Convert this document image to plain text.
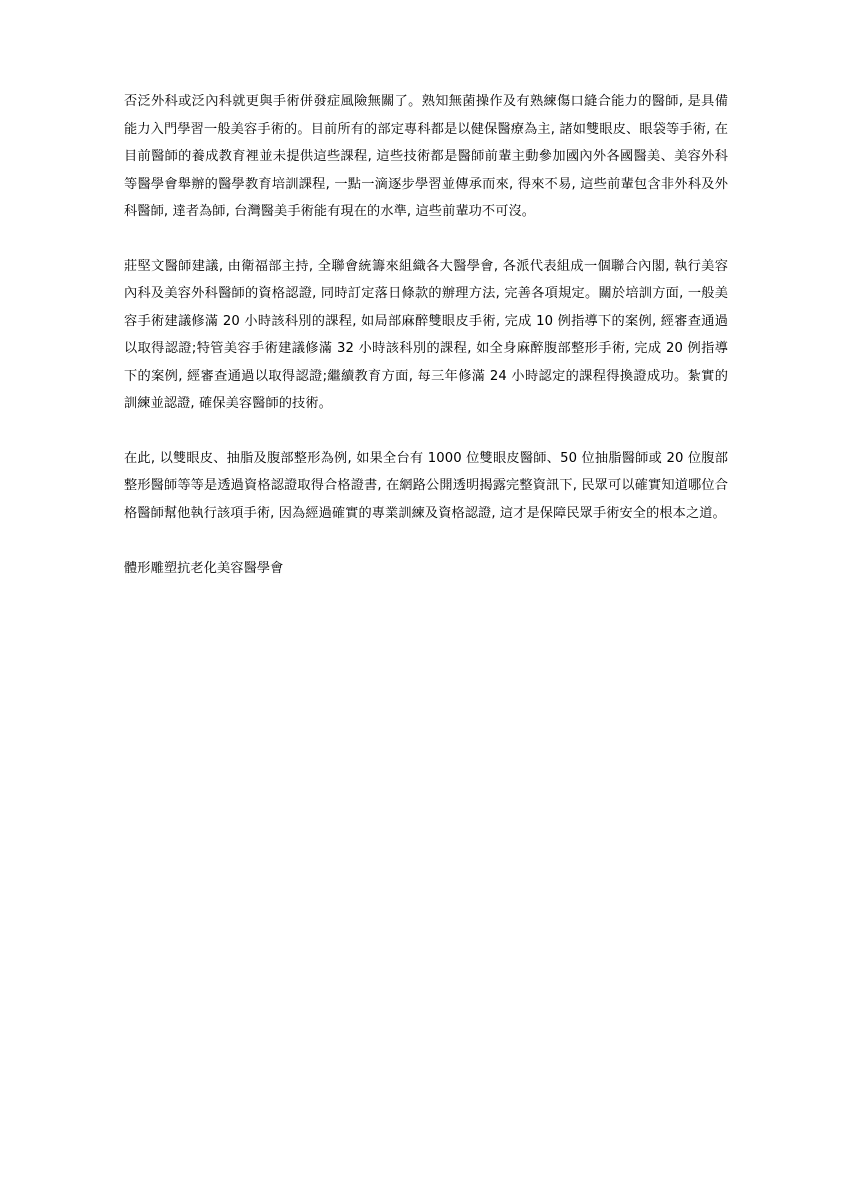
否泛外科或泛內科就更與手術併發症風險無關了。熟知無菌操作及有熟練傷口縫合能力的醫師, 是具備能力入門學習一般美容手術的。目前所有的部定專科都是以健保醫療為主, 諸如雙眼皮、眼袋等手術, 在目前醫師的養成教育裡並未提供這些課程, 這些技術都是醫師前輩主動參加國內外各國醫美、美容外科等醫學會舉辦的醫學教育培訓課程, 一點一滴逐步學習並傳承而來, 得來不易, 這些前輩包含非外科及外科醫師, 達者為師, 台灣醫美手術能有現在的水準, 這些前輩功不可沒。

莊堅文醫師建議, 由衛福部主持, 全聯會統籌來組織各大醫學會, 各派代表組成一個聯合內閣, 執行美容內科及美容外科醫師的資格認證, 同時訂定落日條款的辦理方法, 完善各項規定。關於培訓方面, 一般美容手術建議修滿 20 小時該科別的課程, 如局部麻醉雙眼皮手術, 完成 10 例指導下的案例, 經審查通過以取得認證;特管美容手術建議修滿 32 小時該科別的課程, 如全身麻醉腹部整形手術, 完成 20 例指導下的案例, 經審查通過以取得認證;繼續教育方面, 每三年修滿 24 小時認定的課程得換證成功。紮實的訓練並認證, 確保美容醫師的技術。

在此, 以雙眼皮、抽脂及腹部整形為例, 如果全台有 1000 位雙眼皮醫師、50 位抽脂醫師或 20 位腹部整形醫師等等是透過資格認證取得合格證書, 在網路公開透明揭露完整資訊下, 民眾可以確實知道哪位合格醫師幫他執行該項手術, 因為經過確實的專業訓練及資格認證, 這才是保障民眾手術安全的根本之道。

體形雕塑抗老化美容醫學會
